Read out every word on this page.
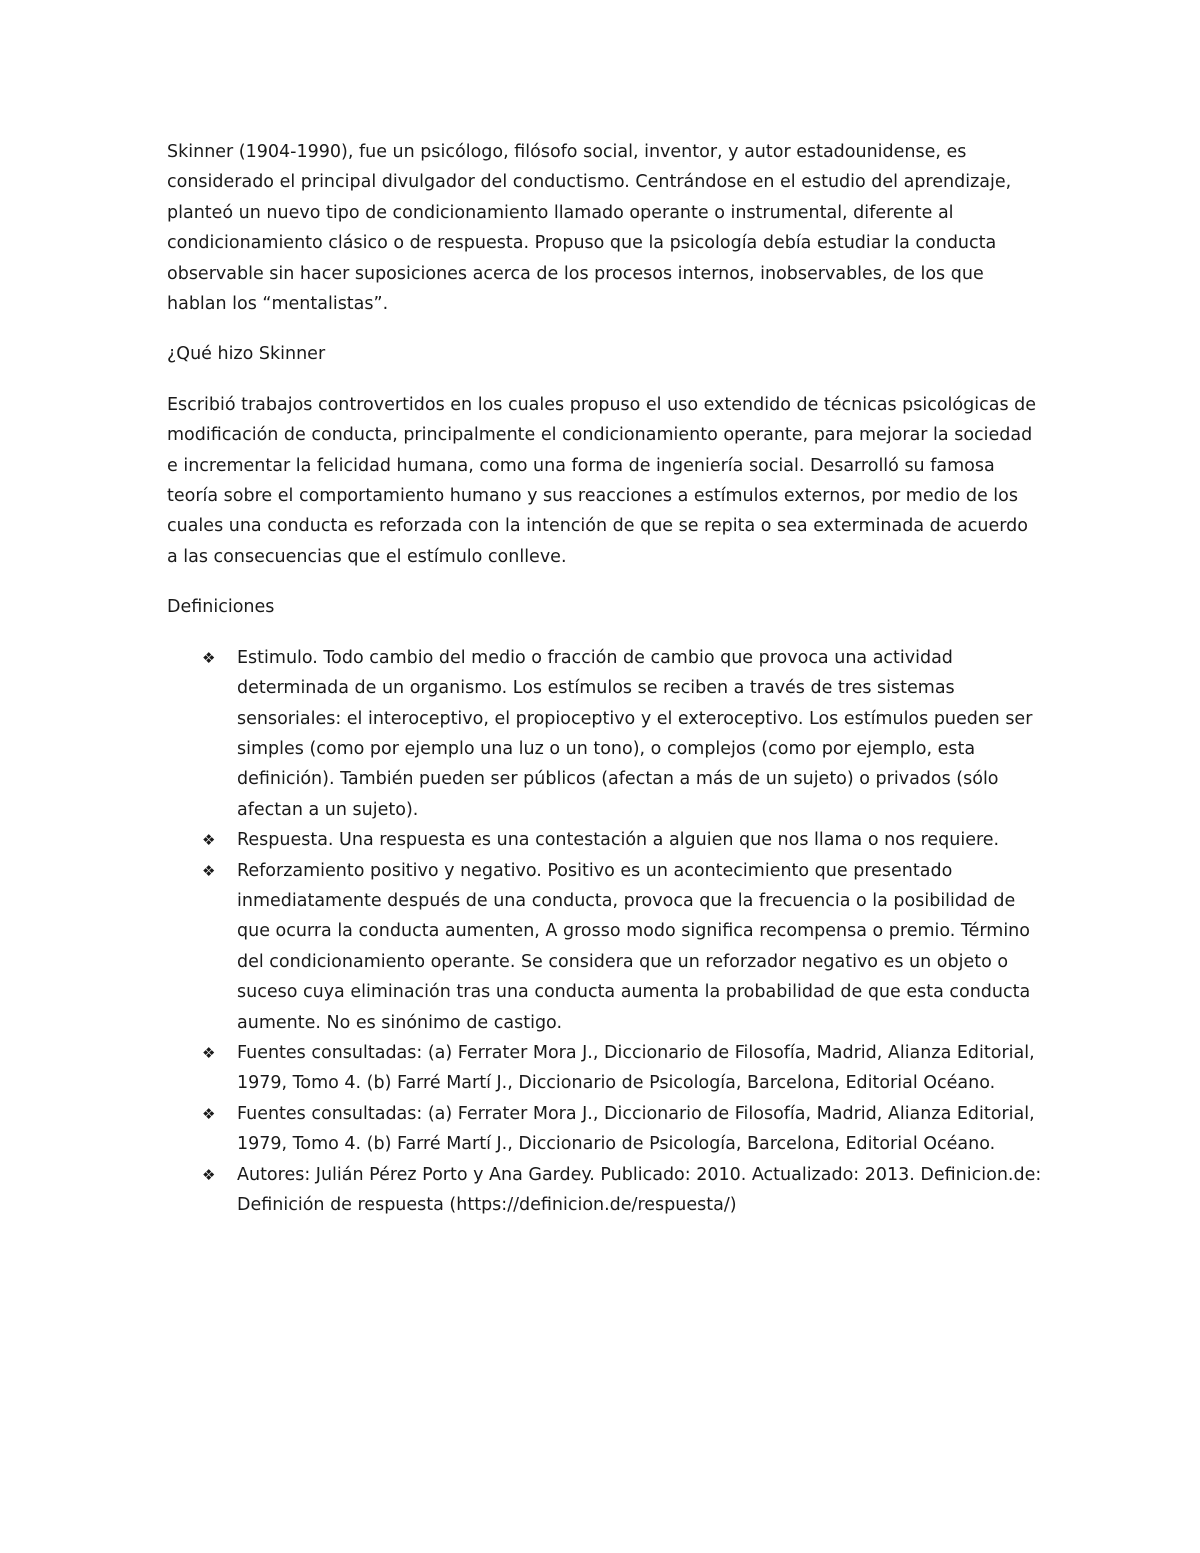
Skinner (1904-1990), fue un psicólogo, filósofo social, inventor, y autor estadounidense, es considerado el principal divulgador del conductismo. Centrándose en el estudio del aprendizaje, planteó un nuevo tipo de condicionamiento llamado operante o instrumental, diferente al condicionamiento clásico o de respuesta. Propuso que la psicología debía estudiar la conducta observable sin hacer suposiciones acerca de los procesos internos, inobservables, de los que hablan los “mentalistas”.

¿Qué hizo Skinner

Escribió trabajos controvertidos en los cuales propuso el uso extendido de técnicas psicológicas de modificación de conducta, principalmente el condicionamiento operante, para mejorar la sociedad e incrementar la felicidad humana, como una forma de ingeniería social. Desarrolló su famosa teoría sobre el comportamiento humano y sus reacciones a estímulos externos, por medio de los cuales una conducta es reforzada con la intención de que se repita o sea exterminada de acuerdo a las consecuencias que el estímulo conlleve.

Definiciones

❖ Estimulo. Todo cambio del medio o fracción de cambio que provoca una actividad determinada de un organismo. Los estímulos se reciben a través de tres sistemas sensoriales: el interoceptivo, el propioceptivo y el exteroceptivo. Los estímulos pueden ser simples (como por ejemplo una luz o un tono), o complejos (como por ejemplo, esta definición). También pueden ser públicos (afectan a más de un sujeto) o privados (sólo afectan a un sujeto).
❖ Respuesta. Una respuesta es una contestación a alguien que nos llama o nos requiere.
❖ Reforzamiento positivo y negativo. Positivo es un acontecimiento que presentado inmediatamente después de una conducta, provoca que la frecuencia o la posibilidad de que ocurra la conducta aumenten, A grosso modo significa recompensa o premio. Término del condicionamiento operante. Se considera que un reforzador negativo es un objeto o suceso cuya eliminación tras una conducta aumenta la probabilidad de que esta conducta aumente. No es sinónimo de castigo.
❖ Fuentes consultadas: (a) Ferrater Mora J., Diccionario de Filosofía, Madrid, Alianza Editorial, 1979, Tomo 4. (b) Farré Martí J., Diccionario de Psicología, Barcelona, Editorial Océano.
❖ Fuentes consultadas: (a) Ferrater Mora J., Diccionario de Filosofía, Madrid, Alianza Editorial, 1979, Tomo 4. (b) Farré Martí J., Diccionario de Psicología, Barcelona, Editorial Océano.
❖ Autores: Julián Pérez Porto y Ana Gardey. Publicado: 2010. Actualizado: 2013. Definicion.de: Definición de respuesta (https://definicion.de/respuesta/)
